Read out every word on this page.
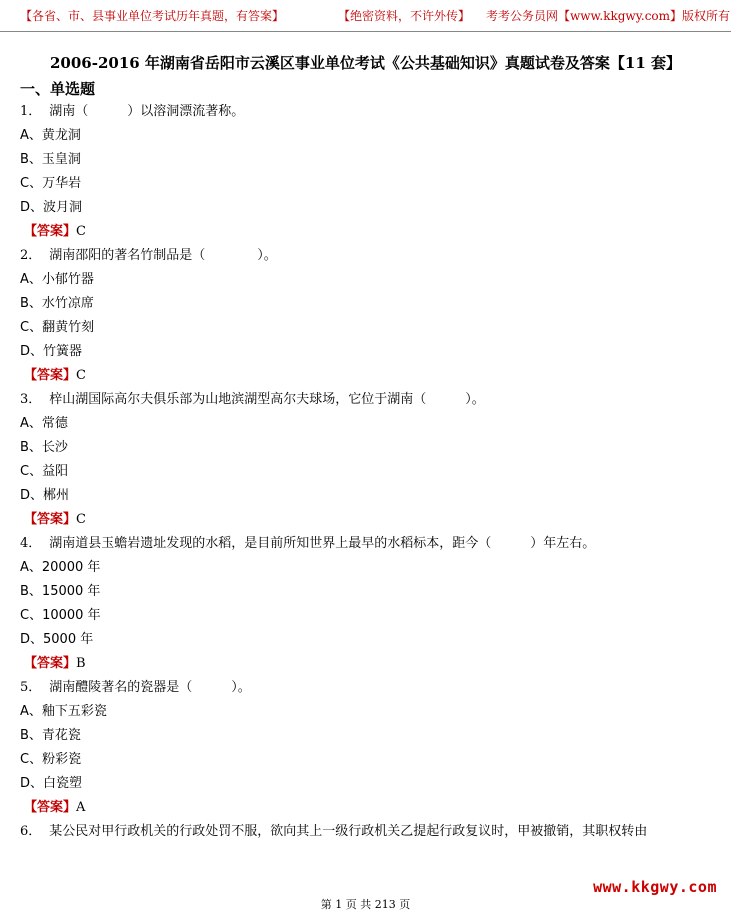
【各省、市、县事业单位考试历年真题，有答案】	【绝密资料，不许外传】 考考公务员网【www.kkgwy.com】版权所有
2006-2016 年湖南省岳阳市云溪区事业单位考试《公共基础知识》真题试卷及答案【11 套】
一、单选题
1． 湖南（　　　）以溶洞漂流著称。
A、黄龙洞
B、玉皇洞
C、万华岩
D、波月洞
【答案】C
2． 湖南邵阳的著名竹制品是（　　　　）。
A、小郁竹器
B、水竹凉席
C、翻黄竹刻
D、竹簧器
【答案】C
3． 梓山湖国际高尔夫俱乐部为山地滨湖型高尔夫球场，它位于湖南（　　　）。
A、常德
B、长沙
C、益阳
D、郴州
【答案】C
4． 湖南道县玉蟾岩遗址发现的水稻，是目前所知世界上最早的水稻标本，距今（　　　）年左右。
A、20000 年
B、15000 年
C、10000 年
D、5000 年
【答案】B
5． 湖南醴陵著名的瓷器是（　　　）。
A、釉下五彩瓷
B、青花瓷
C、粉彩瓷
D、白瓷塑
【答案】A
6． 某公民对甲行政机关的行政处罚不服，欲向其上一级行政机关乙提起行政复议时，甲被撤销，其职权转由
www.kkgwy.com
第 1 页 共 213 页
